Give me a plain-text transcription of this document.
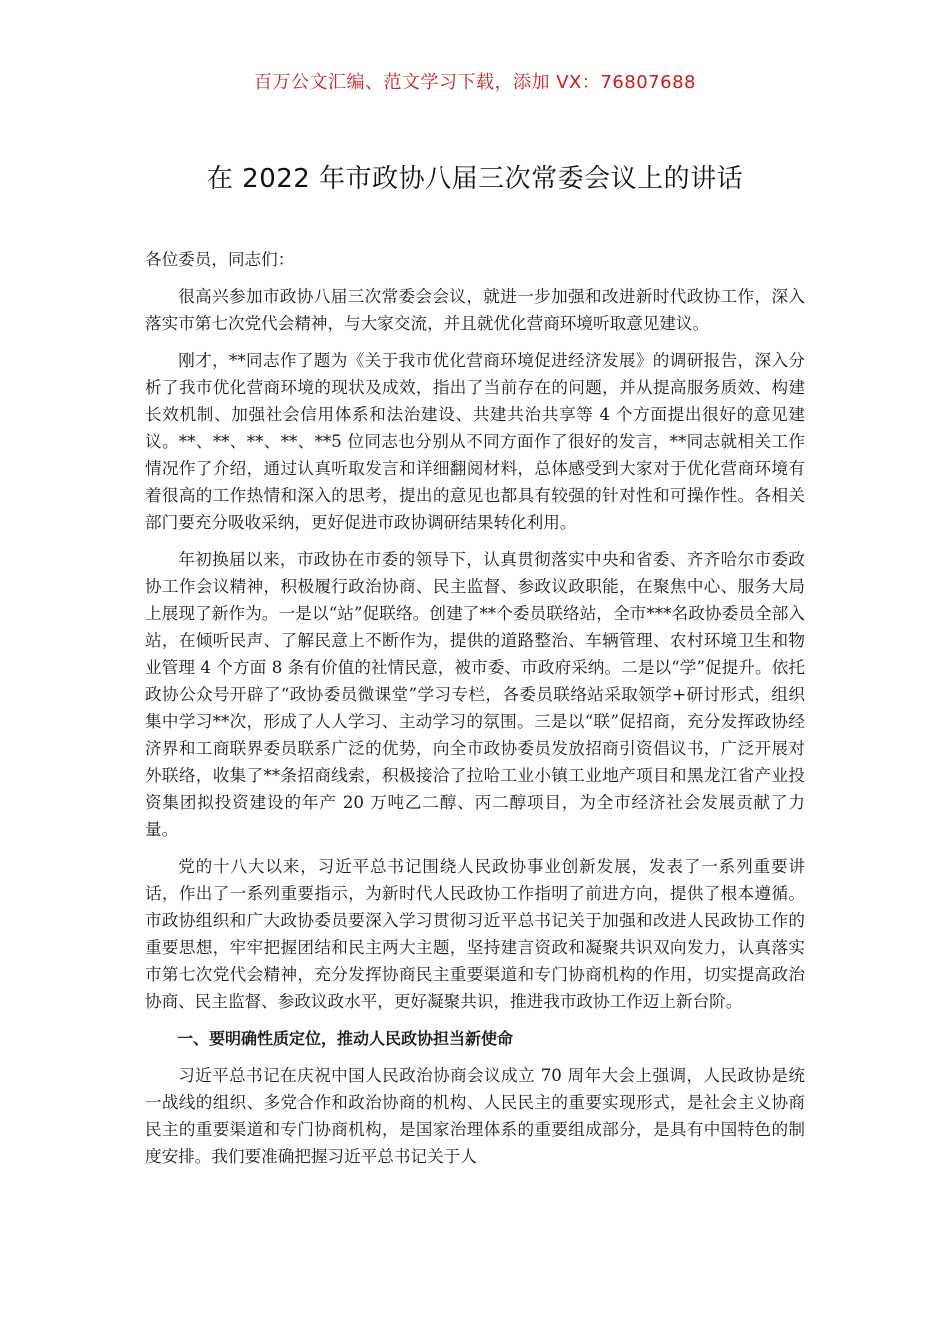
百万公文汇编、范文学习下载，添加 VX：76807688
在 2022 年市政协八届三次常委会议上的讲话

各位委员，同志们：

很高兴参加市政协八届三次常委会会议，就进一步加强和改进新时代政协工作，深入落实市第七次党代会精神，与大家交流，并且就优化营商环境听取意见建议。

刚才，**同志作了题为《关于我市优化营商环境促进经济发展》的调研报告，深入分析了我市优化营商环境的现状及成效，指出了当前存在的问题，并从提高服务质效、构建长效机制、加强社会信用体系和法治建设、共建共治共享等 4 个方面提出很好的意见建议。**、**、**、**、**5 位同志也分别从不同方面作了很好的发言，**同志就相关工作情况作了介绍，通过认真听取发言和详细翻阅材料，总体感受到大家对于优化营商环境有着很高的工作热情和深入的思考，提出的意见也都具有较强的针对性和可操作性。各相关部门要充分吸收采纳，更好促进市政协调研结果转化利用。

年初换届以来，市政协在市委的领导下，认真贯彻落实中央和省委、齐齐哈尔市委政协工作会议精神，积极履行政治协商、民主监督、参政议政职能，在聚焦中心、服务大局上展现了新作为。一是以“站”促联络。创建了**个委员联络站，全市***名政协委员全部入站，在倾听民声、了解民意上不断作为，提供的道路整治、车辆管理、农村环境卫生和物业管理 4 个方面 8 条有价值的社情民意，被市委、市政府采纳。二是以“学”促提升。依托政协公众号开辟了“政协委员微课堂”学习专栏，各委员联络站采取领学+研讨形式，组织集中学习**次，形成了人人学习、主动学习的氛围。三是以“联”促招商，充分发挥政协经济界和工商联界委员联系广泛的优势，向全市政协委员发放招商引资倡议书，广泛开展对外联络，收集了**条招商线索，积极接洽了拉哈工业小镇工业地产项目和黑龙江省产业投资集团拟投资建设的年产 20 万吨乙二醇、丙二醇项目，为全市经济社会发展贡献了力量。

党的十八大以来，习近平总书记围绕人民政协事业创新发展，发表了一系列重要讲话，作出了一系列重要指示，为新时代人民政协工作指明了前进方向，提供了根本遵循。市政协组织和广大政协委员要深入学习贯彻习近平总书记关于加强和改进人民政协工作的重要思想，牢牢把握团结和民主两大主题，坚持建言资政和凝聚共识双向发力，认真落实市第七次党代会精神，充分发挥协商民主重要渠道和专门协商机构的作用，切实提高政治协商、民主监督、参政议政水平，更好凝聚共识，推进我市政协工作迈上新台阶。

一、要明确性质定位，推动人民政协担当新使命

习近平总书记在庆祝中国人民政治协商会议成立 70 周年大会上强调，人民政协是统一战线的组织、多党合作和政治协商的机构、人民民主的重要实现形式，是社会主义协商民主的重要渠道和专门协商机构，是国家治理体系的重要组成部分，是具有中国特色的制度安排。我们要准确把握习近平总书记关于人
